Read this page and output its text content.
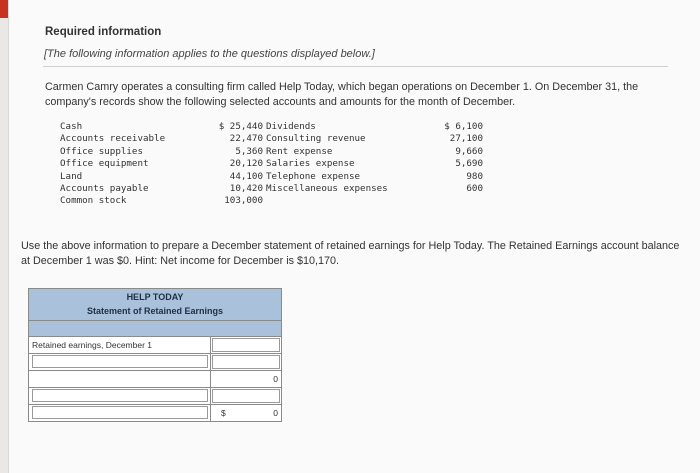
Required information
[The following information applies to the questions displayed below.]
Carmen Camry operates a consulting firm called Help Today, which began operations on December 1. On December 31, the company's records show the following selected accounts and amounts for the month of December.
Cash
Accounts receivable
Office supplies
Office equipment
Land
Accounts payable
Common stock
$ 25,440
22,470
5,360
20,120
44,100
10,420
103,000
Dividends
Consulting revenue
Rent expense
Salaries expense
Telephone expense
Miscellaneous expenses
$ 6,100
27,100
9,660
5,690
980
600
Use the above information to prepare a December statement of retained earnings for Help Today. The Retained Earnings account balance at December 1 was $0. Hint: Net income for December is $10,170.
HELP TODAY
Statement of Retained Earnings
Retained earnings, December 1
0
$	0
